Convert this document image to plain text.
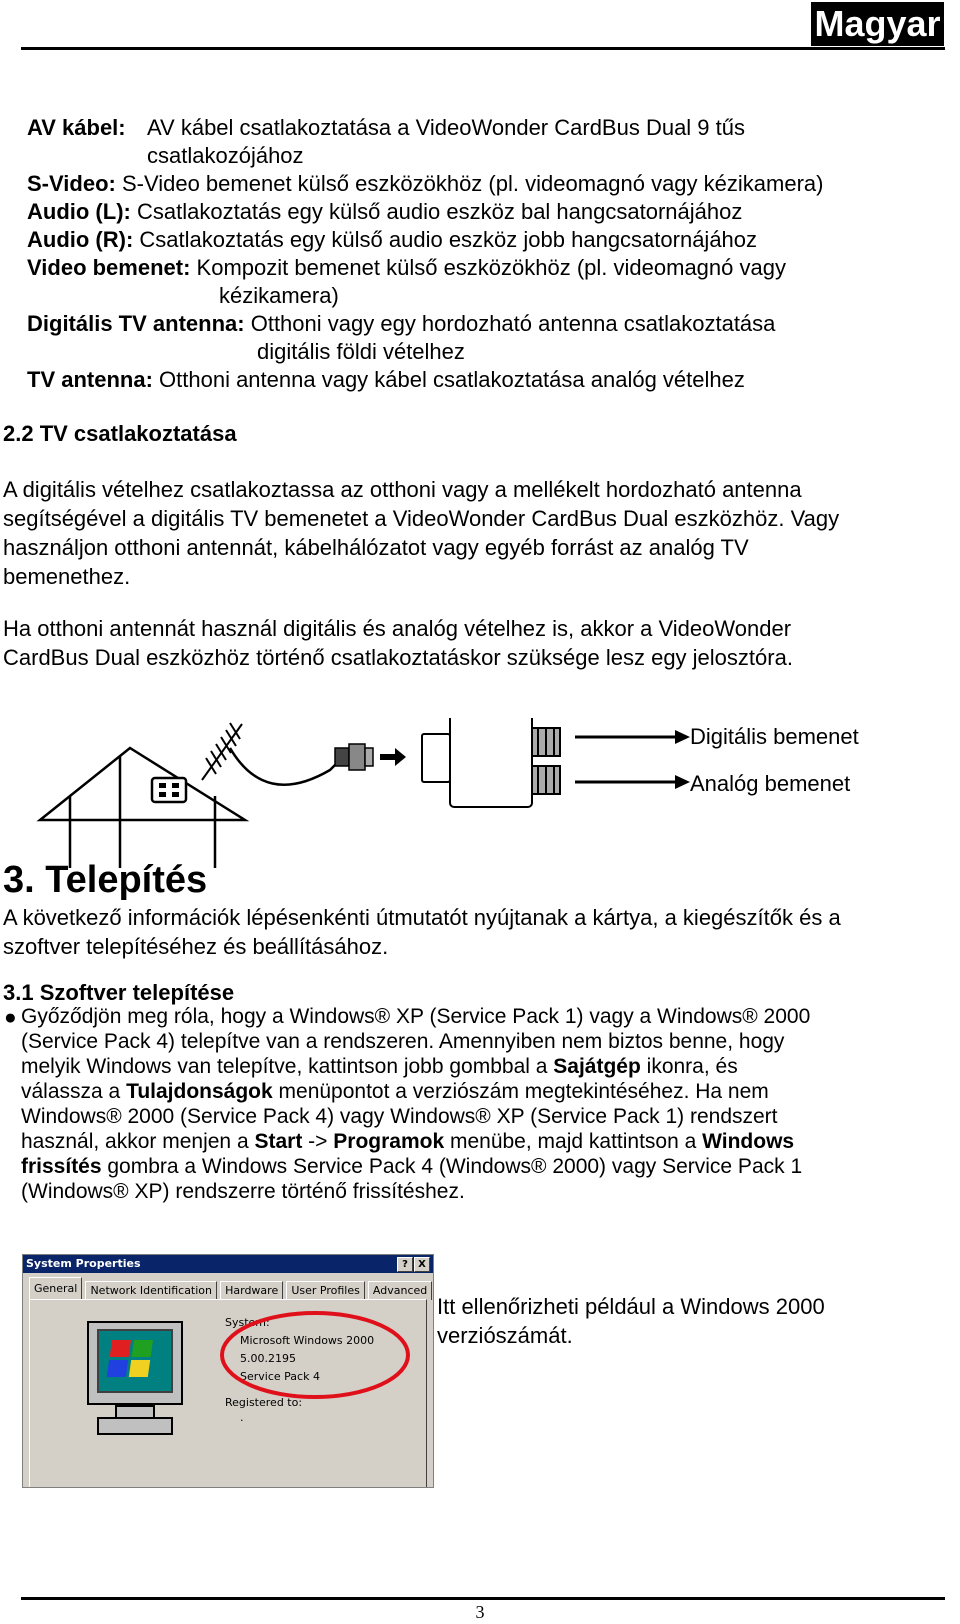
Magyar
AV kábel: AV kábel csatlakoztatása a VideoWonder CardBus Dual 9 tűs
csatlakozójához
S-Video: S-Video bemenet külső eszközökhöz (pl. videomagnó vagy kézikamera)
Audio (L): Csatlakoztatás egy külső audio eszköz bal hangcsatornájához
Audio (R): Csatlakoztatás egy külső audio eszköz jobb hangcsatornájához
Video bemenet: Kompozit bemenet külső eszközökhöz (pl. videomagnó vagy
kézikamera)
Digitális TV antenna: Otthoni vagy egy hordozható antenna csatlakoztatása
digitális földi vételhez
TV antenna: Otthoni antenna vagy kábel csatlakoztatása analóg vételhez
2.2 TV csatlakoztatása
A digitális vételhez csatlakoztassa az otthoni vagy a mellékelt hordozható antenna
segítségével a digitális TV bemenetet a VideoWonder CardBus Dual eszközhöz. Vagy
használjon otthoni antennát, kábelhálózatot vagy egyéb forrást az analóg TV
bemenethez.
Ha otthoni antennát használ digitális és analóg vételhez is, akkor a VideoWonder
CardBus Dual eszközhöz történő csatlakoztatáskor szüksége lesz egy jelosztóra.
Digitális bemenet
Analóg bemenet
3. Telepítés
A következő információk lépésenkénti útmutatót nyújtanak a kártya, a kiegészítők és a
szoftver telepítéséhez és beállításához.
3.1 Szoftver telepítése
● Győződjön meg róla, hogy a Windows® XP (Service Pack 1) vagy a Windows® 2000
(Service Pack 4) telepítve van a rendszeren. Amennyiben nem biztos benne, hogy
melyik Windows van telepítve, kattintson jobb gombbal a Sajátgép ikonra, és
válassza a Tulajdonságok menüpontot a verziószám megtekintéséhez. Ha nem
Windows® 2000 (Service Pack 4) vagy Windows® XP (Service Pack 1) rendszert
használ, akkor menjen a Start -> Programok menübe, majd kattintson a Windows
frissítés gombra a Windows Service Pack 4 (Windows® 2000) vagy Service Pack 1
(Windows® XP) rendszerre történő frissítéshez.
System Properties	?	X
General Network Identification Hardware User Profiles Advanced
System:
Microsoft Windows 2000
5.00.2195
Service Pack 4
Registered to:
·
Itt ellenőrizheti például a Windows 2000
verziószámát.
3
